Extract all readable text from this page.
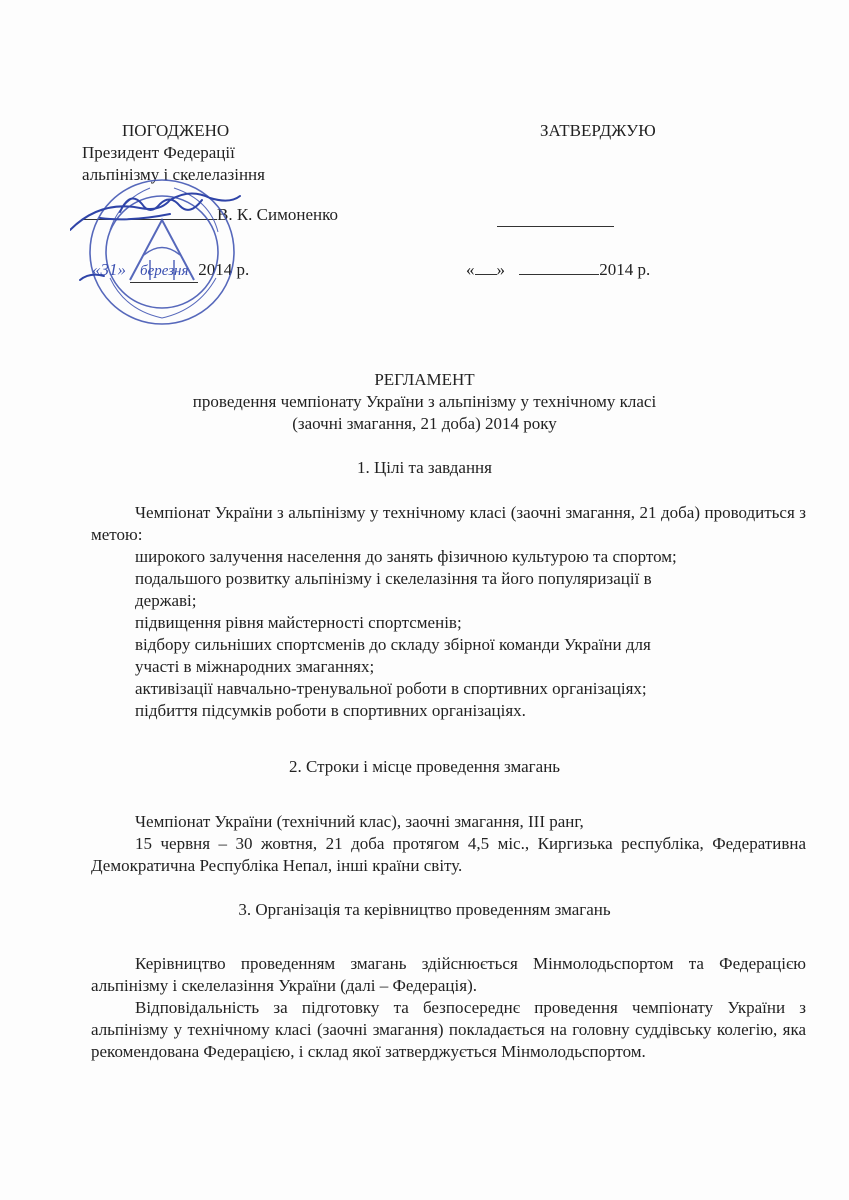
ПОГОДЖЕНО
Президент Федерації
альпінізму і скелелазіння
В. К. Симоненко
«31» березня 2014 р.
ЗАТВЕРДЖУЮ
« »	2014 р.
РЕГЛАМЕНТ
проведення чемпіонату України з альпінізму у технічному класі
(заочні змагання, 21 доба) 2014 року
1. Цілі та завдання

Чемпіонат України з альпінізму у технічному класі (заочні змагання, 21 доба) проводиться з метою:

широкого залучення населення до занять фізичною культурою та спортом;
подальшого розвитку альпінізму і скелелазіння та його популяризації в
державі;
підвищення рівня майстерності спортсменів;
відбору сильніших спортсменів до складу збірної команди України для
участі в міжнародних змаганнях;
активізації навчально-тренувальної роботи в спортивних організаціях;
підбиття підсумків роботи в спортивних організаціях.
2. Строки і місце проведення змагань

Чемпіонат України (технічний клас), заочні змагання, III ранг,

15 червня – 30 жовтня, 21 доба протягом 4,5 міс., Киргизька республіка, Федеративна Демократична Республіка Непал, інші країни світу.

3. Організація та керівництво проведенням змагань

Керівництво проведенням змагань здійснюється Мінмолодьспортом та Федерацією альпінізму і скелелазіння України (далі – Федерація).

Відповідальність за підготовку та безпосереднє проведення чемпіонату України з альпінізму у технічному класі (заочні змагання) покладається на головну суддівську колегію, яка рекомендована Федерацією, і склад якої затверджується Мінмолодьспортом.
